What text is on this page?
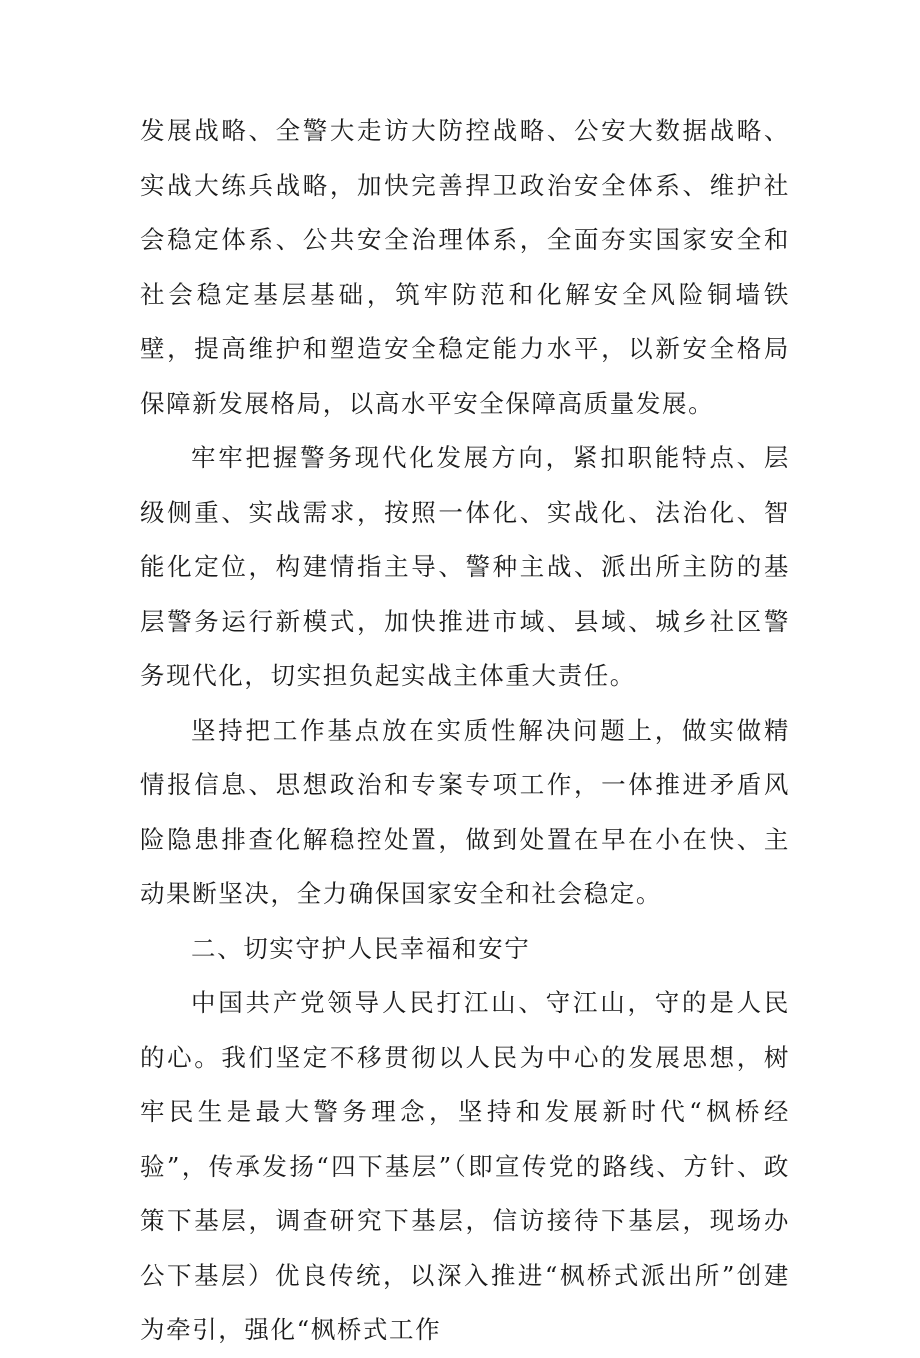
发展战略、全警大走访大防控战略、公安大数据战略、实战大练兵战略，加快完善捍卫政治安全体系、维护社会稳定体系、公共安全治理体系，全面夯实国家安全和社会稳定基层基础，筑牢防范和化解安全风险铜墙铁壁，提高维护和塑造安全稳定能力水平，以新安全格局保障新发展格局，以高水平安全保障高质量发展。

牢牢把握警务现代化发展方向，紧扣职能特点、层级侧重、实战需求，按照一体化、实战化、法治化、智能化定位，构建情指主导、警种主战、派出所主防的基层警务运行新模式，加快推进市域、县域、城乡社区警务现代化，切实担负起实战主体重大责任。

坚持把工作基点放在实质性解决问题上，做实做精情报信息、思想政治和专案专项工作，一体推进矛盾风险隐患排查化解稳控处置，做到处置在早在小在快、主动果断坚决，全力确保国家安全和社会稳定。

二、切实守护人民幸福和安宁

中国共产党领导人民打江山、守江山，守的是人民的心。我们坚定不移贯彻以人民为中心的发展思想，树牢民生是最大警务理念，坚持和发展新时代“枫桥经验”，传承发扬“四下基层”（即宣传党的路线、方针、政策下基层，调查研究下基层，信访接待下基层，现场办公下基层）优良传统，以深入推进“枫桥式派出所”创建为牵引，强化“枫桥式工作
